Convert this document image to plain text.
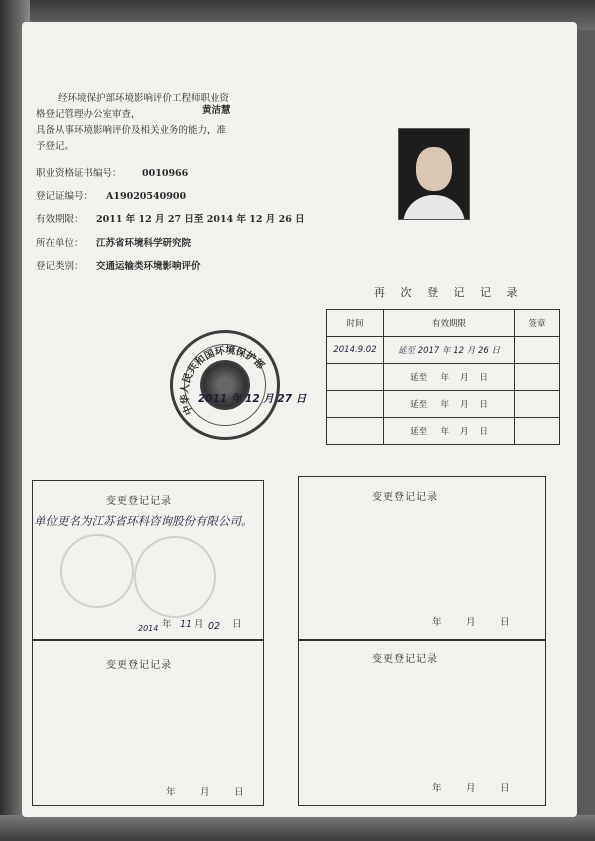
经环境保护部环境影响评价工程师职业资
格登记管理办公室审查，	黄洁慧
具备从事环境影响评价及相关业务的能力，准
予登记。
职业资格证书编号： 0010966
登记证编号： A19020540900
有效期限： 2011 年 12 月 27 日至 2014 年 12 月 26 日
所在单位： 江苏省环境科学研究院
登记类别： 交通运输类环境影响评价
中华人民共和国环境保护部
2011 年 12 月 27 日
再 次 登 记 记 录
时间	有效期限	签章
2014.9.02	延至 2017 年 12 月 26 日	
	延至 年 月 日	
	延至 年 月 日	
	延至 年 月 日	
变更登记记录
变更登记记录
变更登记记录
变更登记记录
单位更名为江苏省环科咨询股份有限公司。
2014 年 11 月 02 日	年	月	日
年	月	日	年	月	日
